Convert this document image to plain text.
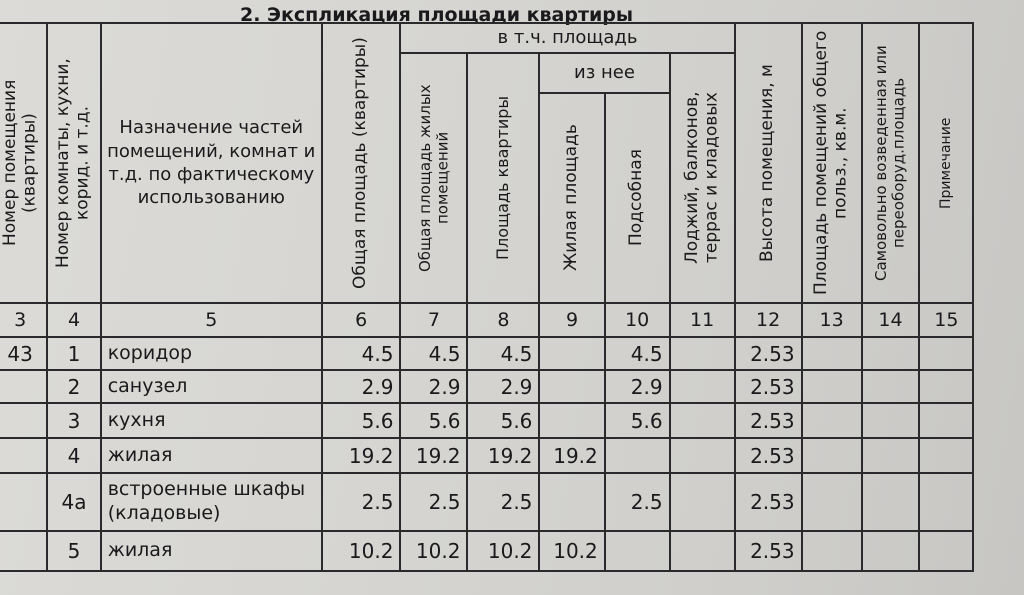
2. Экспликация площади квартиры
Номер помещения (квартиры)	Номер комнаты, кухни, корид. и т.д.	Назначение частей помещений, комнат и т.д. по фактическому использованию	Общая площадь (квартиры)	в т.ч. площадь					Высота помещения, м	Площадь помещений общего польз., кв.м.	Самовольно возведенная или переоборуд.площадь	Примечание

				Общая площадь жилых помещений	Площадь квартиры	из нее		Лоджий, балконов, террас и кладовых				

						Жилая площадь	Подсобная					

3	4	5	6	7	8	9	10	11	12	13	14	15
43	1	коридор	4.5	4.5	4.5		4.5		2.53			
	2	санузел	2.9	2.9	2.9		2.9		2.53			
	3	кухня	5.6	5.6	5.6		5.6		2.53			
	4	жилая	19.2	19.2	19.2	19.2			2.53			
	4а	встроенные шкафы (кладовые)	2.5	2.5	2.5		2.5		2.53			
	5	жилая	10.2	10.2	10.2	10.2			2.53			
